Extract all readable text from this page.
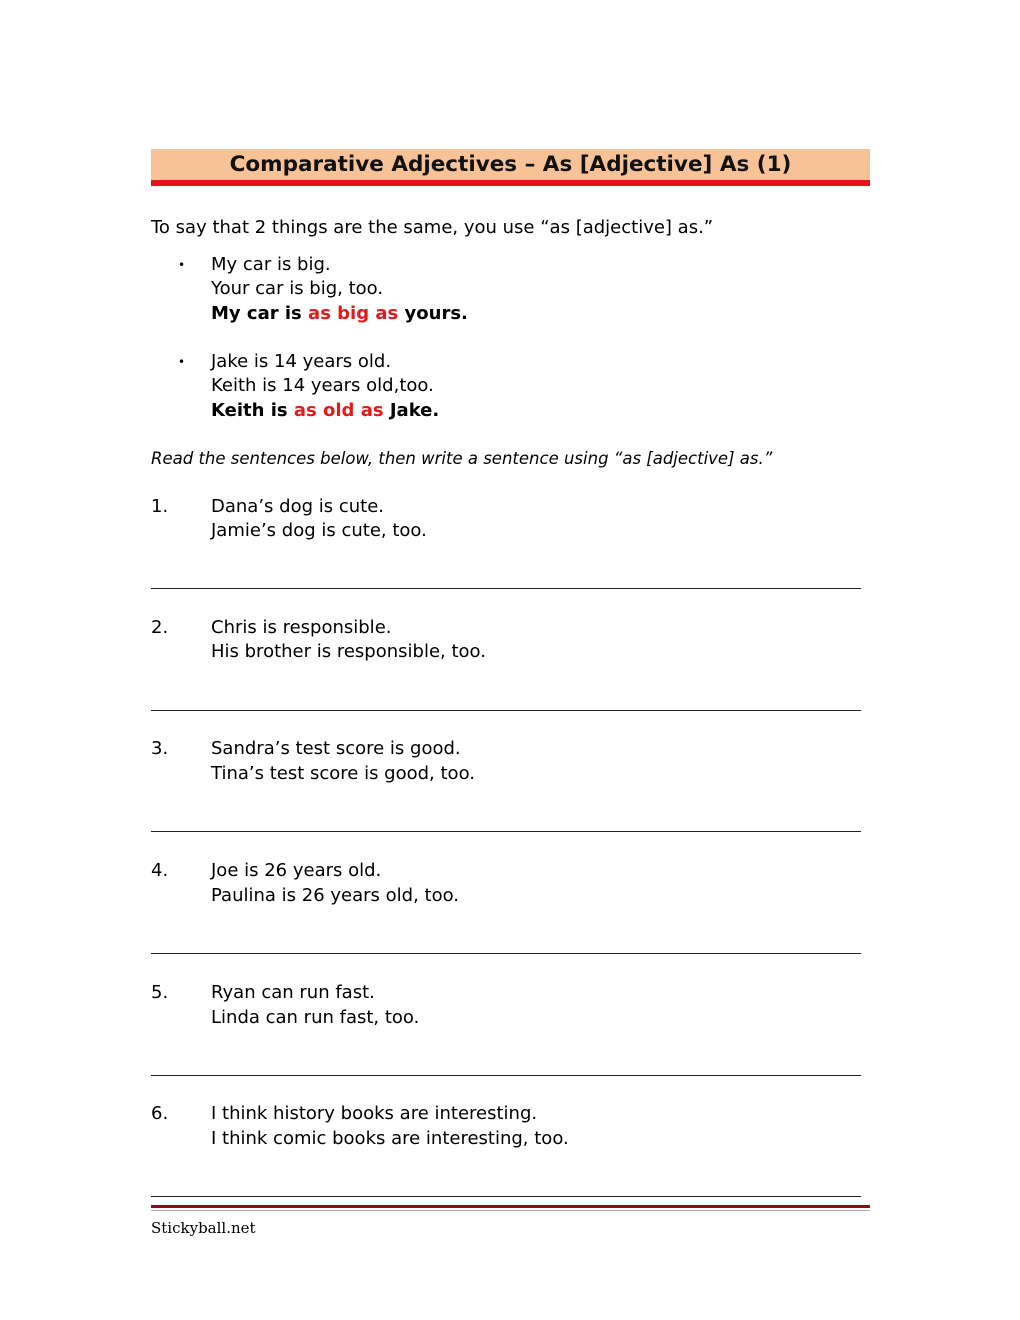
Comparative Adjectives – As [Adjective] As (1)
To say that 2 things are the same, you use “as [adjective] as.”
• My car is big.
Your car is big, too.
My car is as big as yours.
• Jake is 14 years old.
Keith is 14 years old,too.
Keith is as old as Jake.
Read the sentences below, then write a sentence using “as [adjective] as.”
1. Dana’s dog is cute.
Jamie’s dog is cute, too.
2. Chris is responsible.
His brother is responsible, too.
3. Sandra’s test score is good.
Tina’s test score is good, too.
4. Joe is 26 years old.
Paulina is 26 years old, too.
5. Ryan can run fast.
Linda can run fast, too.
6. I think history books are interesting.
I think comic books are interesting, too.
Stickyball.net
